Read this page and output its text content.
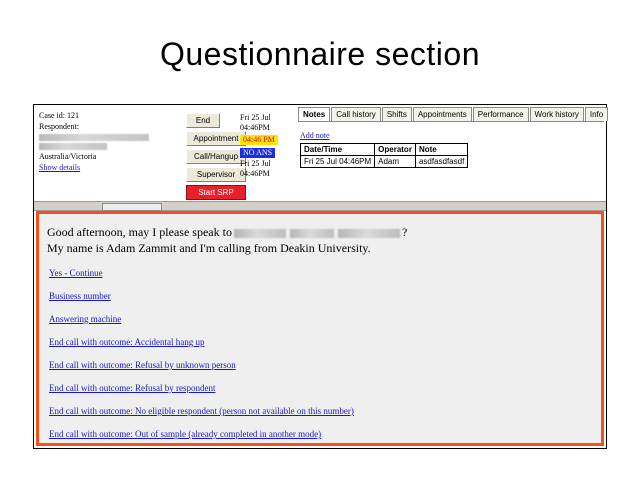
Questionnaire section
Case id: 121
Respondent:
Australia/Victoria
Show details
End
Appointment
Call/Hangup
Supervisor
Start SRP
Fri 25 Jul
04:46PM
04:46 PM NO ANS
Fri 25 Jul
04:46PM
Notes	Call history	Shifts	Appointments	Performance	Work history	Info
Add note
Date/Time	Operator	Note
Fri 25 Jul 04:46PM	Adam	asdfasdfasdf

Good afternoon, may I please speak to	?
My name is Adam Zammit and I'm calling from Deakin University.

Yes - Continue
Business number
Answering machine
End call with outcome: Accidental hang up
End call with outcome: Refusal by unknown person
End call with outcome: Refusal by respondent
End call with outcome: No eligible respondent (person not available on this number)
End call with outcome: Out of sample (already completed in another mode)
